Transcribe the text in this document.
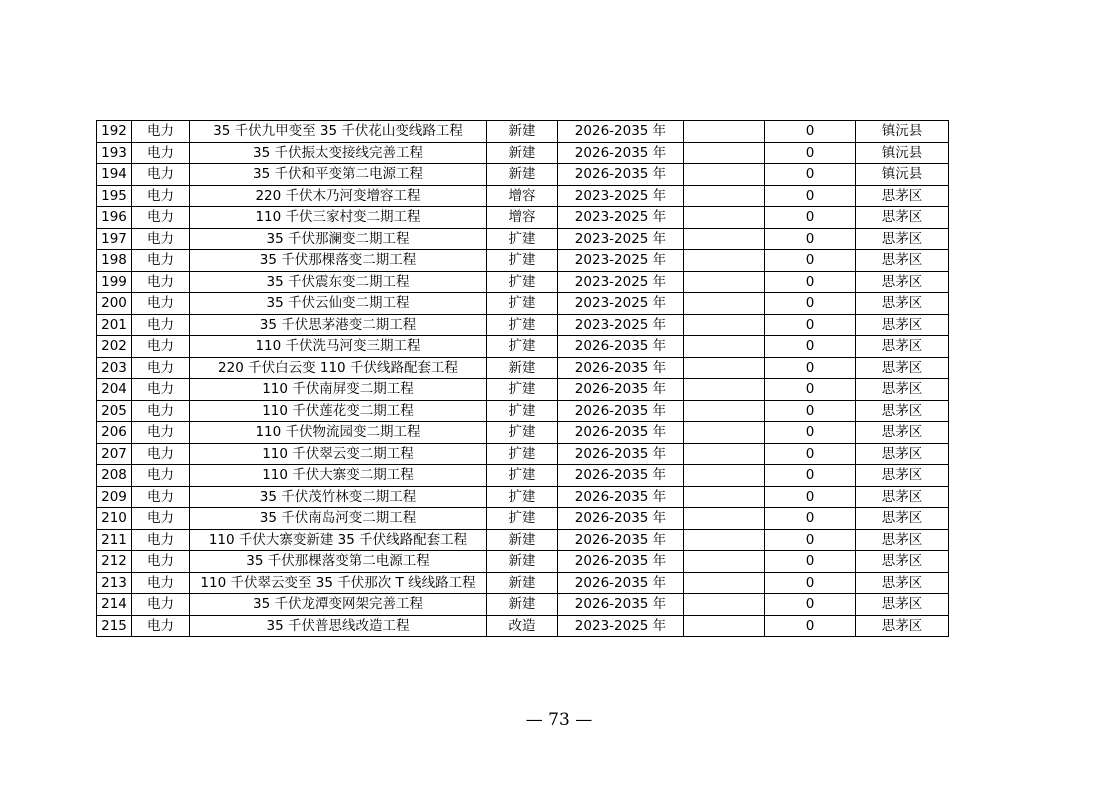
192	电力	35 千伏九甲变至 35 千伏花山变线路工程	新建	2026-2035 年		0	镇沅县
193	电力	35 千伏振太变接线完善工程	新建	2026-2035 年		0	镇沅县
194	电力	35 千伏和平变第二电源工程	新建	2026-2035 年		0	镇沅县
195	电力	220 千伏木乃河变增容工程	增容	2023-2025 年		0	思茅区
196	电力	110 千伏三家村变二期工程	增容	2023-2025 年		0	思茅区
197	电力	35 千伏那澜变二期工程	扩建	2023-2025 年		0	思茅区
198	电力	35 千伏那棵落变二期工程	扩建	2023-2025 年		0	思茅区
199	电力	35 千伏震东变二期工程	扩建	2023-2025 年		0	思茅区
200	电力	35 千伏云仙变二期工程	扩建	2023-2025 年		0	思茅区
201	电力	35 千伏思茅港变二期工程	扩建	2023-2025 年		0	思茅区
202	电力	110 千伏洗马河变三期工程	扩建	2026-2035 年		0	思茅区
203	电力	220 千伏白云变 110 千伏线路配套工程	新建	2026-2035 年		0	思茅区
204	电力	110 千伏南屏变二期工程	扩建	2026-2035 年		0	思茅区
205	电力	110 千伏莲花变二期工程	扩建	2026-2035 年		0	思茅区
206	电力	110 千伏物流园变二期工程	扩建	2026-2035 年		0	思茅区
207	电力	110 千伏翠云变二期工程	扩建	2026-2035 年		0	思茅区
208	电力	110 千伏大寨变二期工程	扩建	2026-2035 年		0	思茅区
209	电力	35 千伏茂竹林变二期工程	扩建	2026-2035 年		0	思茅区
210	电力	35 千伏南岛河变二期工程	扩建	2026-2035 年		0	思茅区
211	电力	110 千伏大寨变新建 35 千伏线路配套工程	新建	2026-2035 年		0	思茅区
212	电力	35 千伏那棵落变第二电源工程	新建	2026-2035 年		0	思茅区
213	电力	110 千伏翠云变至 35 千伏那次 T 线线路工程	新建	2026-2035 年		0	思茅区
214	电力	35 千伏龙潭变网架完善工程	新建	2026-2035 年		0	思茅区
215	电力	35 千伏普思线改造工程	改造	2023-2025 年		0	思茅区
— 73 —
